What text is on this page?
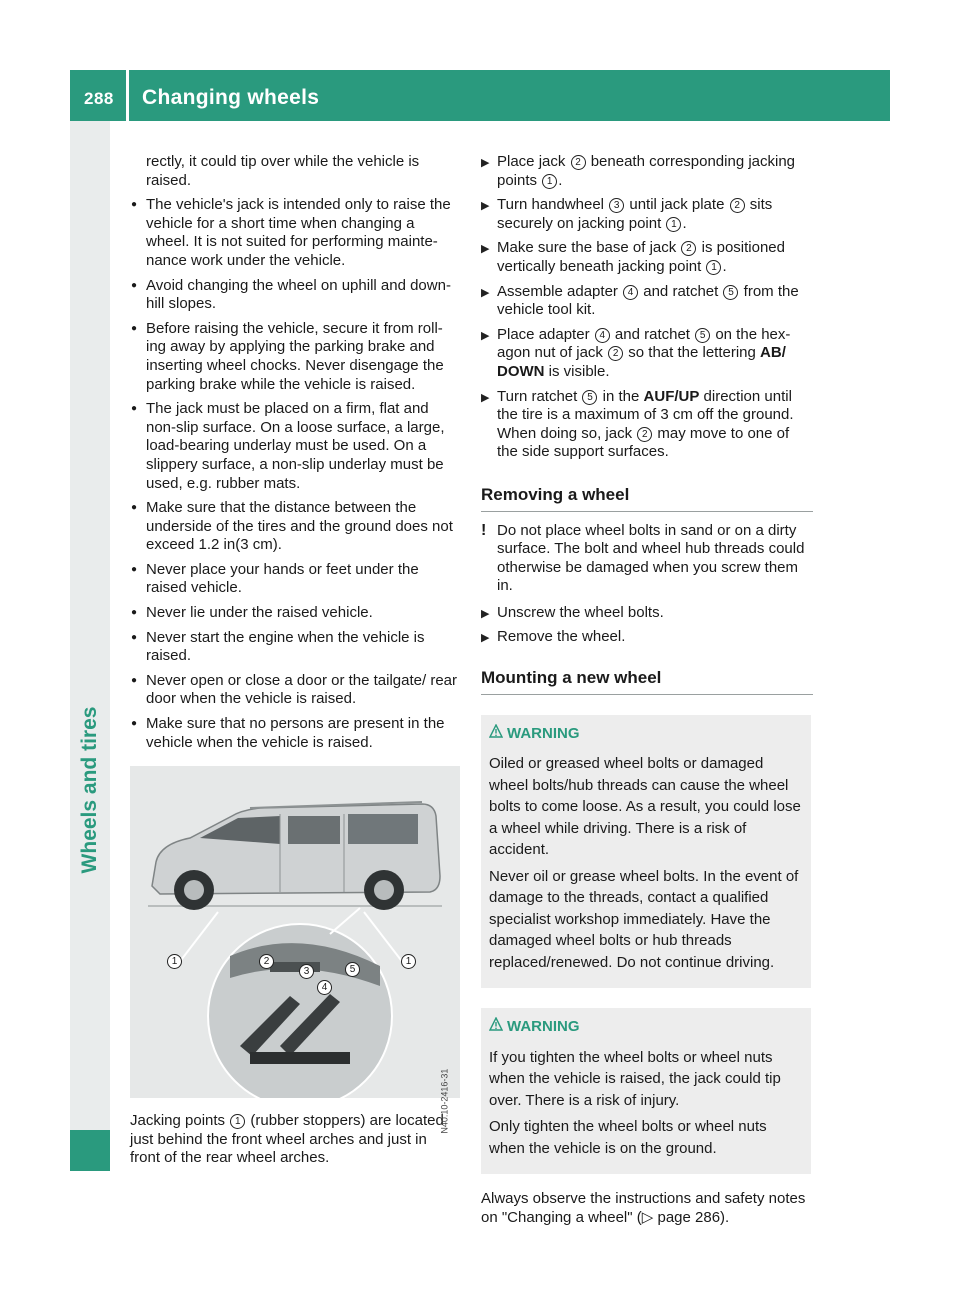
288 Changing wheels
Wheels and tires

rectly, it could tip over while the vehicle is raised.

● The vehicle's jack is intended only to raise the vehicle for a short time when changing a wheel. It is not suited for performing mainte-nance work under the vehicle.
● Avoid changing the wheel on uphill and down-hill slopes.
● Before raising the vehicle, secure it from roll-ing away by applying the parking brake and inserting wheel chocks. Never disengage the parking brake while the vehicle is raised.
● The jack must be placed on a firm, flat and non-slip surface. On a loose surface, a large, load-bearing underlay must be used. On a slippery surface, a non-slip underlay must be used, e.g. rubber mats.
● Make sure that the distance between the underside of the tires and the ground does not exceed 1.2 in(3 cm).
● Never place your hands or feet under the raised vehicle.
● Never lie under the raised vehicle.
● Never start the engine when the vehicle is raised.
● Never open or close a door or the tailgate/ rear door when the vehicle is raised.
● Make sure that no persons are present in the vehicle when the vehicle is raised.
1	2
3
4
5
1
N40.10-2416-31

Jacking points 1 (rubber stoppers) are located just behind the front wheel arches and just in front of the rear wheel arches.

▶ Place jack 2 beneath corresponding jacking points 1 .
▶ Turn handwheel 3 until jack plate 2 sits securely on jacking point 1 .
▶ Make sure the base of jack 2 is positioned vertically beneath jacking point 1 .
▶ Assemble adapter 4 and ratchet 5 from the vehicle tool kit.
▶ Place adapter 4 and ratchet 5 on the hex-agon nut of jack 2 so that the lettering AB/ DOWN is visible.
▶ Turn ratchet 5 in the AUF/UP direction until the tire is a maximum of 3 cm off the ground. When doing so, jack 2 may move to one of the side support surfaces.
Removing a wheel
! Do not place wheel bolts in sand or on a dirty surface. The bolt and wheel hub threads could otherwise be damaged when you screw them in.
▶ Unscrew the wheel bolts.
▶ Remove the wheel.
Mounting a new wheel
WARNING

Oiled or greased wheel bolts or damaged wheel bolts/hub threads can cause the wheel bolts to come loose. As a result, you could lose a wheel while driving. There is a risk of accident.

Never oil or grease wheel bolts. In the event of damage to the threads, contact a qualified specialist workshop immediately. Have the damaged wheel bolts or hub threads replaced/renewed. Do not continue driving.

WARNING

If you tighten the wheel bolts or wheel nuts when the vehicle is raised, the jack could tip over. There is a risk of injury.

Only tighten the wheel bolts or wheel nuts when the vehicle is on the ground.

Always observe the instructions and safety notes on "Changing a wheel" (▷ page 286).
